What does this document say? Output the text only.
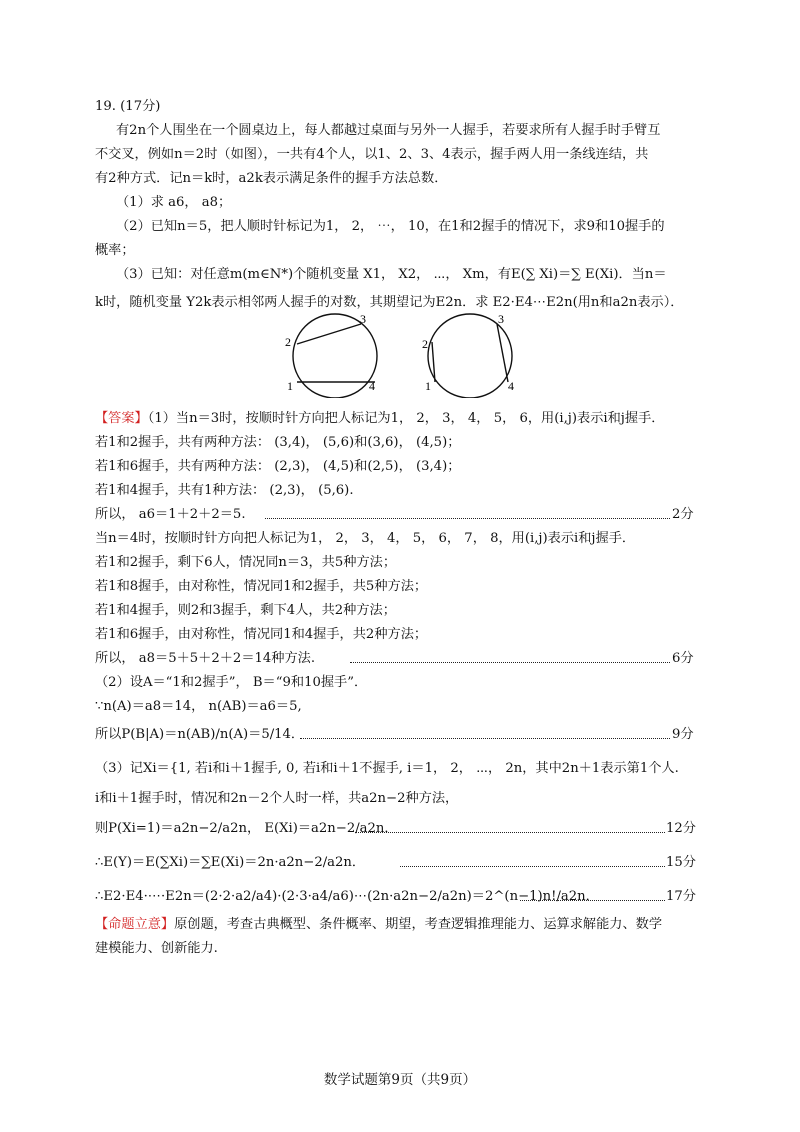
19. (17分)
有2n个人围坐在一个圆桌边上，每人都越过桌面与另外一人握手，若要求所有人握手时手臂互
不交叉，例如n＝2时（如图），一共有4个人，以1、2、3、4表示，握手两人用一条线连结，共
有2种方式．记n＝k时，a2k表示满足条件的握手方法总数．
（1）求 a6， a8；
（2）已知n＝5，把人顺时针标记为1， 2， ⋯， 10，在1和2握手的情况下，求9和10握手的
概率；
（3）已知：对任意m(m∈N*)个随机变量 X1， X2， ⋯， Xm，有E(∑ Xi)＝∑ E(Xi)．当n＝
k时，随机变量 Y2k表示相邻两人握手的对数，其期望记为E2n．求 E2·E4⋯E2n(用n和a2n表示）．
1
2
3
4	1
2
3
4
【答案】（1）当n＝3时，按顺时针方向把人标记为1， 2， 3， 4， 5， 6，用(i,j)表示i和j握手．
若1和2握手，共有两种方法： (3,4)， (5,6)和(3,6)， (4,5)；
若1和6握手，共有两种方法： (2,3)， (4,5)和(2,5)， (3,4)；
若1和4握手，共有1种方法： (2,3)， (5,6).
所以， a6＝1＋2＋2＝5.	2分
当n＝4时，按顺时针方向把人标记为1， 2， 3， 4， 5， 6， 7， 8，用(i,j)表示i和j握手．
若1和2握手，剩下6人，情况同n＝3，共5种方法；
若1和8握手，由对称性，情况同1和2握手，共5种方法；
若1和4握手，则2和3握手，剩下4人，共2种方法；
若1和6握手，由对称性，情况同1和4握手，共2种方法；
所以， a8＝5＋5＋2＋2＝14种方法.	6分
（2）设A＝“1和2握手”， B＝“9和10握手”．
∵n(A)＝a8＝14， n(AB)＝a6＝5,
所以P(B|A)＝n(AB)/n(A)＝5/14．	9分
（3）记Xi＝{1, 若i和i＋1握手, 0, 若i和i＋1不握手, i＝1， 2， ⋯， 2n，其中2n＋1表示第1个人.
i和i＋1握手时，情况和2n－2个人时一样，共a2n−2种方法，
则P(Xi=1)＝a2n−2/a2n， E(Xi)＝a2n−2/a2n．	12分
∴E(Y)＝E(∑Xi)＝∑E(Xi)＝2n·a2n−2/a2n．	15分
∴E2·E4·⋯·E2n＝(2·2·a2/a4)·(2·3·a4/a6)⋯(2n·a2n−2/a2n)＝2^(n−1)n!/a2n．	17分
【命题立意】原创题，考查古典概型、条件概率、期望，考查逻辑推理能力、运算求解能力、数学
建模能力、创新能力.
数学试题第9页（共9页）
